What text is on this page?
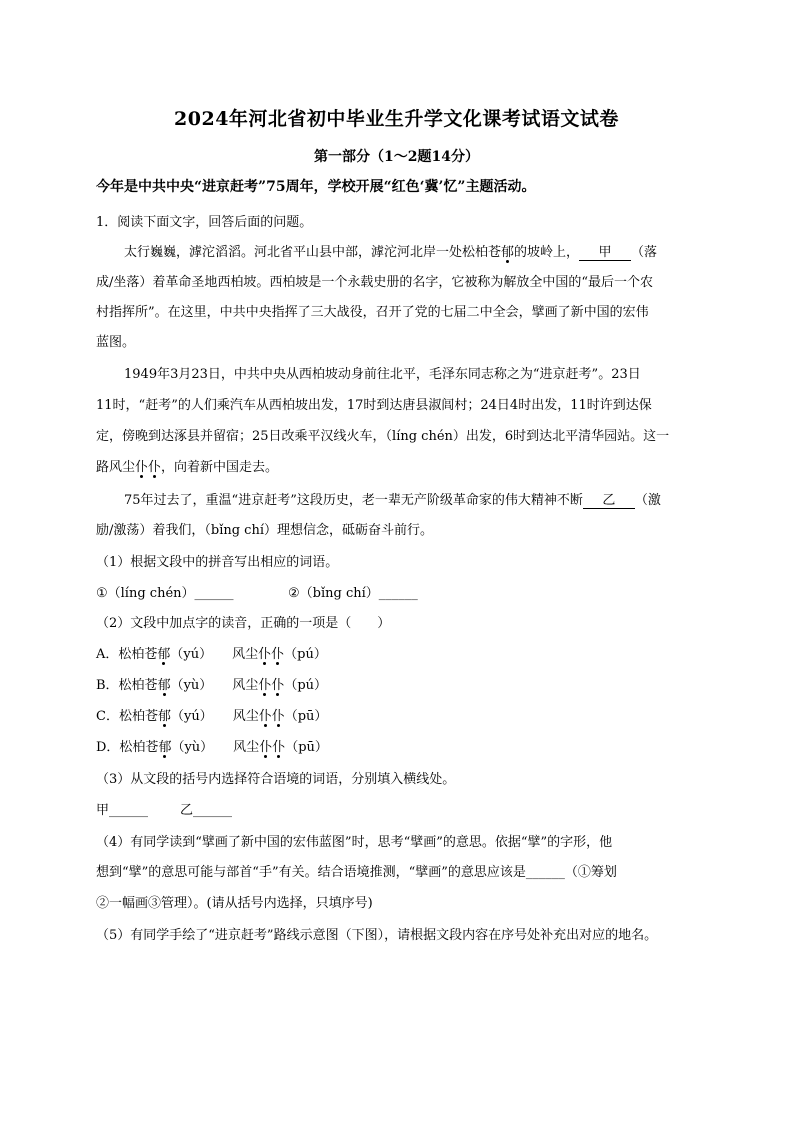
2024年河北省初中毕业生升学文化课考试语文试卷
第一部分（1～2题14分）
今年是中共中央“进京赶考”75周年，学校开展“红色‘冀’忆”主题活动。
1．阅读下面文字，回答后面的问题。
太行巍巍，滹沱滔滔。河北省平山县中部，滹沱河北岸一处松柏苍郁的坡岭上， 甲 （落
成/坐落）着革命圣地西柏坡。西柏坡是一个永载史册的名字，它被称为解放全中国的“最后一个农
村指挥所”。在这里，中共中央指挥了三大战役，召开了党的七届二中全会，擘画了新中国的宏伟
蓝图。
1949年3月23日，中共中央从西柏坡动身前往北平，毛泽东同志称之为“进京赶考”。23日
11时，“赶考”的人们乘汽车从西柏坡出发，17时到达唐县淑闾村；24日4时出发，11时许到达保
定，傍晚到达涿县并留宿；25日改乘平汉线火车，（líng chén）出发，6时到达北平清华园站。这一
路风尘仆仆，向着新中国走去。
75年过去了，重温“进京赶考”这段历史，老一辈无产阶级革命家的伟大精神不断 乙 （激
励/激荡）着我们，（bǐng chí）理想信念，砥砺奋斗前行。
（1）根据文段中的拼音写出相应的词语。
①（líng chén）______	②（bǐng chí）______
（2）文段中加点字的读音，正确的一项是（　　）
A．松柏苍郁（yú） 风尘仆仆（pú）
B．松柏苍郁（yù） 风尘仆仆（pú）
C．松柏苍郁（yú） 风尘仆仆（pū）
D．松柏苍郁（yù） 风尘仆仆（pū）
（3）从文段的括号内选择符合语境的词语，分别填入横线处。
甲______ 乙______
（4）有同学读到“擘画了新中国的宏伟蓝图”时，思考“擘画”的意思。依据“擘”的字形，他
想到“擘”的意思可能与部首“手”有关。结合语境推测，“擘画”的意思应该是______（①筹划
②一幅画③管理）。(请从括号内选择，只填序号)
（5）有同学手绘了“进京赶考”路线示意图（下图），请根据文段内容在序号处补充出对应的地名。
